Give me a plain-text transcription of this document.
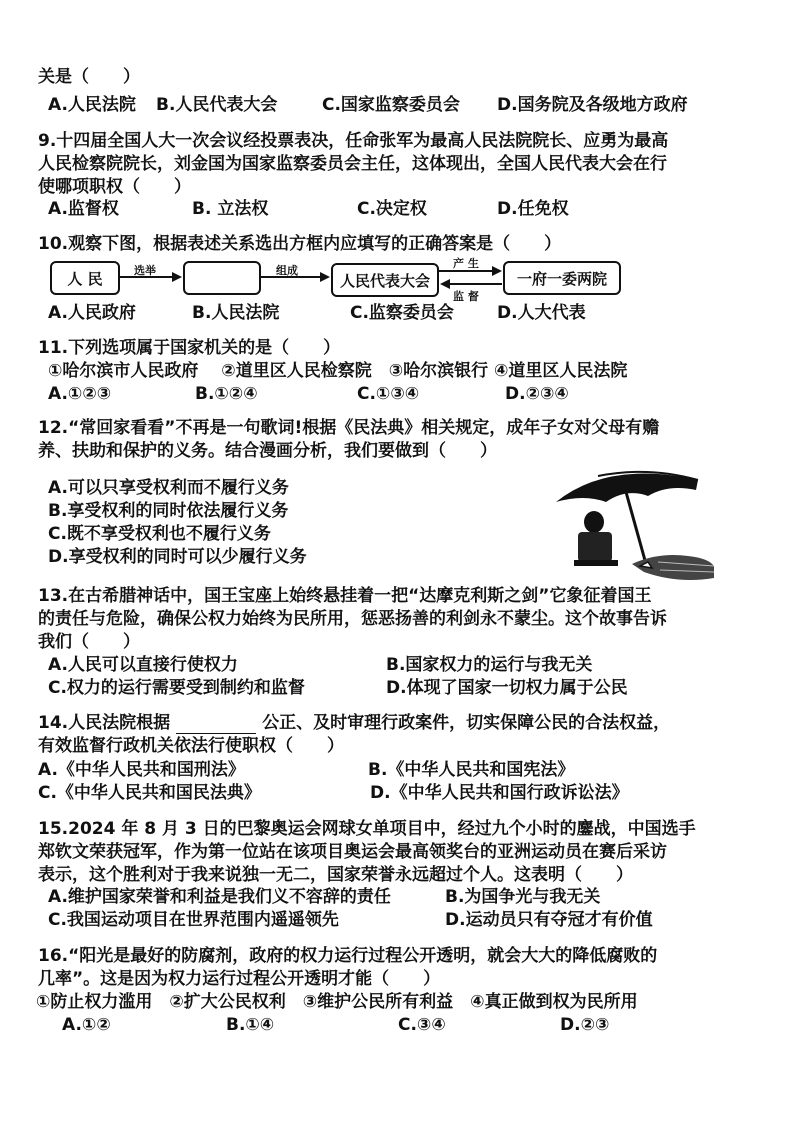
关是（　　）
A.人民法院 B.人民代表大会	C.国家监察委员会 D.国务院及各级地方政府
9.十四届全国人大一次会议经投票表决，任命张军为最高人民法院院长、应勇为最高
人民检察院院长，刘金国为国家监察委员会主任，这体现出，全国人民代表大会在行
使哪项职权（　　）
A.监督权	B. 立法权	C.决定权	D.任免权
10.观察下图，根据表述关系选出方框内应填写的正确答案是（　　）
人 民	人民代表大会	一府一委两院
选举	组成
产 生
监 督
A.人民政府	B.人民法院	C.监察委员会	D.人大代表
11.下列选项属于国家机关的是（　　）
①哈尔滨市人民政府　 ②道里区人民检察院　③哈尔滨银行 ④道里区人民法院
A.①②③	B.①②④	C.①③④	D.②③④
12.“常回家看看”不再是一句歌词!根据《民法典》相关规定，成年子女对父母有赡
养、扶助和保护的义务。结合漫画分析，我们要做到（　　）
A.可以只享受权利而不履行义务
B.享受权利的同时依法履行义务
C.既不享受权利也不履行义务
D.享受权利的同时可以少履行义务
13.在古希腊神话中，国王宝座上始终悬挂着一把“达摩克利斯之剑”它象征着国王
的责任与危险，确保公权力始终为民所用，惩恶扬善的利剑永不蒙尘。这个故事告诉
我们（　　）
A.人民可以直接行使权力	B.国家权力的运行与我无关
C.权力的运行需要受到制约和监督	D.体现了国家一切权力属于公民
14.人民法院根据	公正、及时审理行政案件，切实保障公民的合法权益，
有效监督行政机关依法行使职权（　　）
A.《中华人民共和国刑法》	B.《中华人民共和国宪法》
C.《中华人民共和国民法典》	D.《中华人民共和国行政诉讼法》
15.2024 年 8 月 3 日的巴黎奥运会网球女单项目中，经过九个小时的鏖战，中国选手
郑钦文荣获冠军，作为第一位站在该项目奥运会最高领奖台的亚洲运动员在赛后采访
表示，这个胜利对于我来说独一无二，国家荣誉永远超过个人。这表明（　　）
A.维护国家荣誉和利益是我们义不容辞的责任	B.为国争光与我无关
C.我国运动项目在世界范围内遥遥领先	D.运动员只有夺冠才有价值
16.“阳光是最好的防腐剂，政府的权力运行过程公开透明，就会大大的降低腐败的
几率”。这是因为权力运行过程公开透明才能（　　）
①防止权力滥用　②扩大公民权利　③维护公民所有利益　④真正做到权为民所用
A.①②	B.①④	C.③④	D.②③
